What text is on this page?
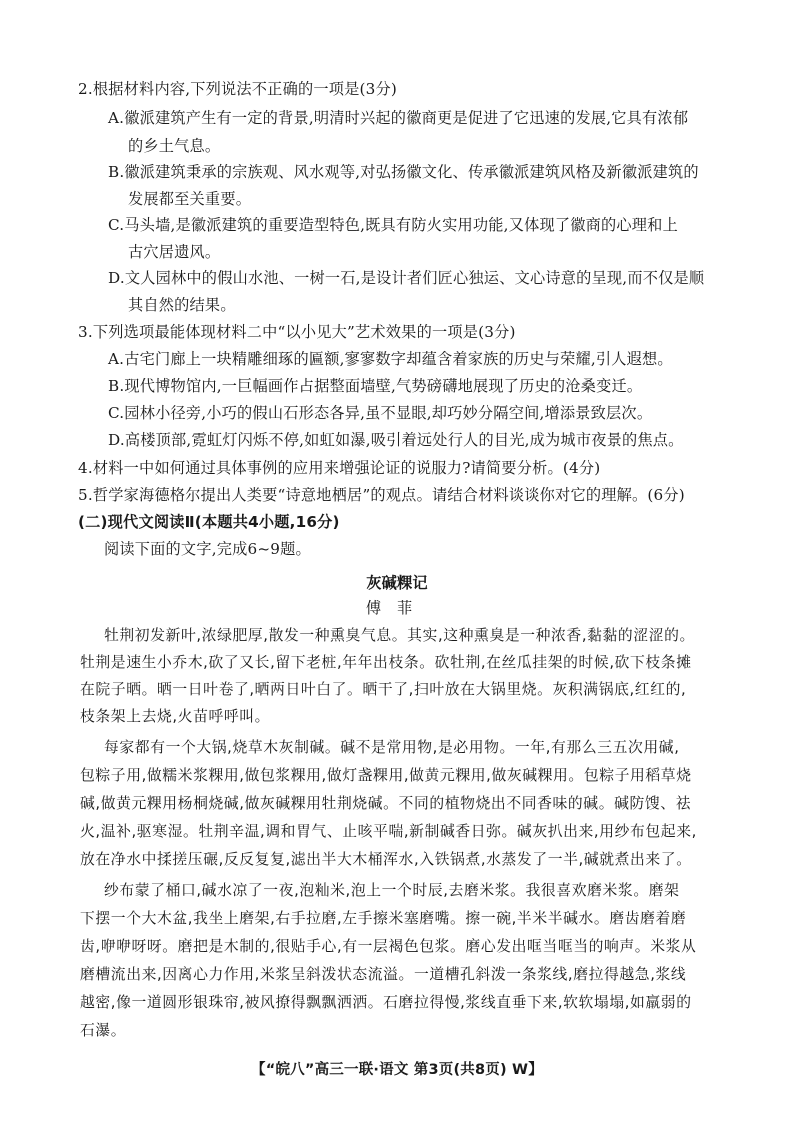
2.根据材料内容,下列说法不正确的一项是(3分)
A.徽派建筑产生有一定的背景,明清时兴起的徽商更是促进了它迅速的发展,它具有浓郁
的乡土气息。
B.徽派建筑秉承的宗族观、风水观等,对弘扬徽文化、传承徽派建筑风格及新徽派建筑的
发展都至关重要。
C.马头墙,是徽派建筑的重要造型特色,既具有防火实用功能,又体现了徽商的心理和上
古穴居遗风。
D.文人园林中的假山水池、一树一石,是设计者们匠心独运、文心诗意的呈现,而不仅是顺
其自然的结果。
3.下列选项最能体现材料二中“以小见大”艺术效果的一项是(3分)
A.古宅门廊上一块精雕细琢的匾额,寥寥数字却蕴含着家族的历史与荣耀,引人遐想。
B.现代博物馆内,一巨幅画作占据整面墙壁,气势磅礴地展现了历史的沧桑变迁。
C.园林小径旁,小巧的假山石形态各异,虽不显眼,却巧妙分隔空间,增添景致层次。
D.高楼顶部,霓虹灯闪烁不停,如虹如瀑,吸引着远处行人的目光,成为城市夜景的焦点。
4.材料一中如何通过具体事例的应用来增强论证的说服力?请简要分析。(4分)
5.哲学家海德格尔提出人类要“诗意地栖居”的观点。请结合材料谈谈你对它的理解。(6分)
(二)现代文阅读Ⅱ(本题共4小题,16分)
阅读下面的文字,完成6~9题。
灰碱粿记
傅菲
牡荆初发新叶,浓绿肥厚,散发一种熏臭气息。其实,这种熏臭是一种浓香,黏黏的涩涩的。
牡荆是速生小乔木,砍了又长,留下老桩,年年出枝条。砍牡荆,在丝瓜挂架的时候,砍下枝条摊
在院子晒。晒一日叶卷了,晒两日叶白了。晒干了,扫叶放在大锅里烧。灰积满锅底,红红的,
枝条架上去烧,火苗呼呼叫。
每家都有一个大锅,烧草木灰制碱。碱不是常用物,是必用物。一年,有那么三五次用碱,
包粽子用,做糯米浆粿用,做包浆粿用,做灯盏粿用,做黄元粿用,做灰碱粿用。包粽子用稻草烧
碱,做黄元粿用杨桐烧碱,做灰碱粿用牡荆烧碱。不同的植物烧出不同香味的碱。碱防馊、祛
火,温补,驱寒湿。牡荆辛温,调和胃气、止咳平喘,新制碱香日弥。碱灰扒出来,用纱布包起来,
放在净水中揉搓压碾,反反复复,滤出半大木桶浑水,入铁锅煮,水蒸发了一半,碱就煮出来了。
纱布蒙了桶口,碱水凉了一夜,泡籼米,泡上一个时辰,去磨米浆。我很喜欢磨米浆。磨架
下摆一个大木盆,我坐上磨架,右手拉磨,左手擦米塞磨嘴。擦一碗,半米半碱水。磨齿磨着磨
齿,咿咿呀呀。磨把是木制的,很贴手心,有一层褐色包浆。磨心发出哐当哐当的响声。米浆从
磨槽流出来,因离心力作用,米浆呈斜泼状态流溢。一道槽孔斜泼一条浆线,磨拉得越急,浆线
越密,像一道圆形银珠帘,被风撩得飘飘洒洒。石磨拉得慢,浆线直垂下来,软软塌塌,如羸弱的
石瀑。
【“皖八”高三一联·语文 第3页(共8页) W】
